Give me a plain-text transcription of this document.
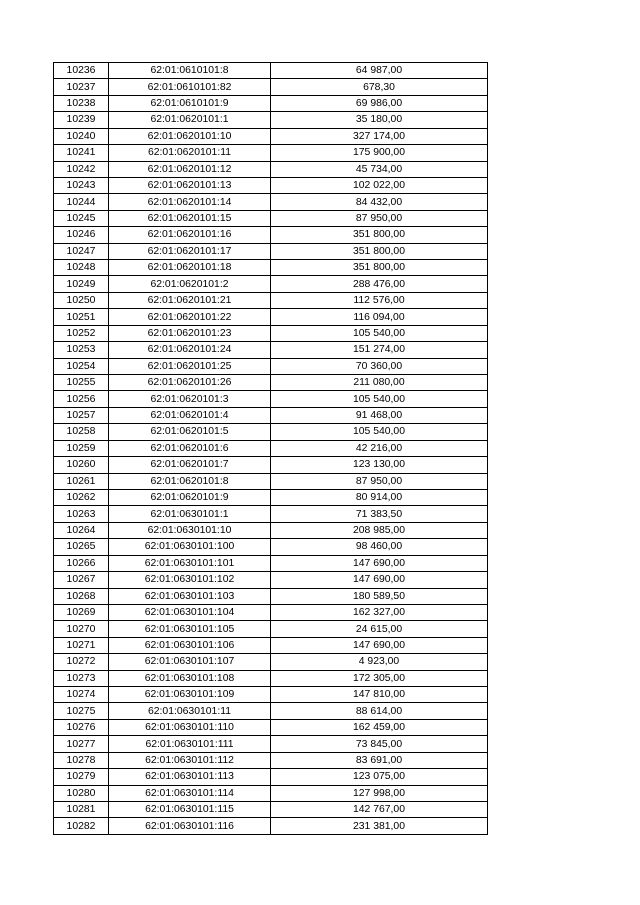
10236	62:01:0610101:8	64 987,00
10237	62:01:0610101:82	678,30
10238	62:01:0610101:9	69 986,00
10239	62:01:0620101:1	35 180,00
10240	62:01:0620101:10	327 174,00
10241	62:01:0620101:11	175 900,00
10242	62:01:0620101:12	45 734,00
10243	62:01:0620101:13	102 022,00
10244	62:01:0620101:14	84 432,00
10245	62:01:0620101:15	87 950,00
10246	62:01:0620101:16	351 800,00
10247	62:01:0620101:17	351 800,00
10248	62:01:0620101:18	351 800,00
10249	62:01:0620101:2	288 476,00
10250	62:01:0620101:21	112 576,00
10251	62:01:0620101:22	116 094,00
10252	62:01:0620101:23	105 540,00
10253	62:01:0620101:24	151 274,00
10254	62:01:0620101:25	70 360,00
10255	62:01:0620101:26	211 080,00
10256	62:01:0620101:3	105 540,00
10257	62:01:0620101:4	91 468,00
10258	62:01:0620101:5	105 540,00
10259	62:01:0620101:6	42 216,00
10260	62:01:0620101:7	123 130,00
10261	62:01:0620101:8	87 950,00
10262	62:01:0620101:9	80 914,00
10263	62:01:0630101:1	71 383,50
10264	62:01:0630101:10	208 985,00
10265	62:01:0630101:100	98 460,00
10266	62:01:0630101:101	147 690,00
10267	62:01:0630101:102	147 690,00
10268	62:01:0630101:103	180 589,50
10269	62:01:0630101:104	162 327,00
10270	62:01:0630101:105	24 615,00
10271	62:01:0630101:106	147 690,00
10272	62:01:0630101:107	4 923,00
10273	62:01:0630101:108	172 305,00
10274	62:01:0630101:109	147 810,00
10275	62:01:0630101:11	88 614,00
10276	62:01:0630101:110	162 459,00
10277	62:01:0630101:111	73 845,00
10278	62:01:0630101:112	83 691,00
10279	62:01:0630101:113	123 075,00
10280	62:01:0630101:114	127 998,00
10281	62:01:0630101:115	142 767,00
10282	62:01:0630101:116	231 381,00
